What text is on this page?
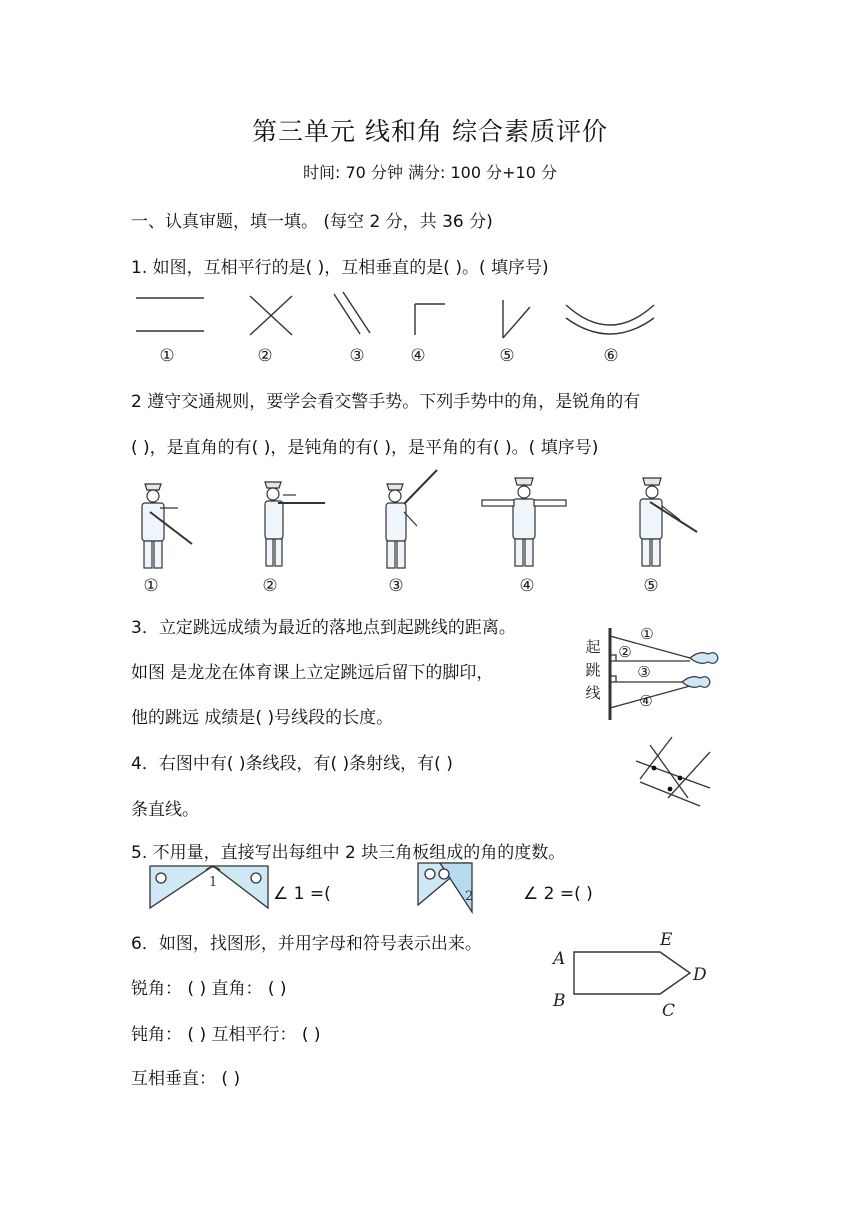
第三单元 线和角 综合素质评价
时间: 70 分钟 满分: 100 分+10 分
一、认真审题，填一填。 (每空 2 分，共 36 分)
1. 如图，互相平行的是( )，互相垂直的是( )。( 填序号)
①	②	③	④	⑤	⑥
2 遵守交通规则，要学会看交警手势。下列手势中的角，是锐角的有
( )，是直角的有( )，是钝角的有( )，是平角的有( )。( 填序号)
①	②	③	④	⑤
3．立定跳远成绩为最近的落地点到起跳线的距离。
如图 是龙龙在体育课上立定跳远后留下的脚印，
他的跳远 成绩是( )号线段的长度。
起
跳
线
①
②
③
④
4．右图中有( )条线段，有( )条射线，有( )
条直线。
5. 不用量，直接写出每组中 2 块三角板组成的角的度数。
1
2
∠ 1 =(	∠ 2 =( )
6．如图，找图形，并用字母和符号表示出来。
锐角： ( ) 直角： ( )
钝角： ( ) 互相平行： ( )
互相垂直： ( )
A
B	C
D
E
